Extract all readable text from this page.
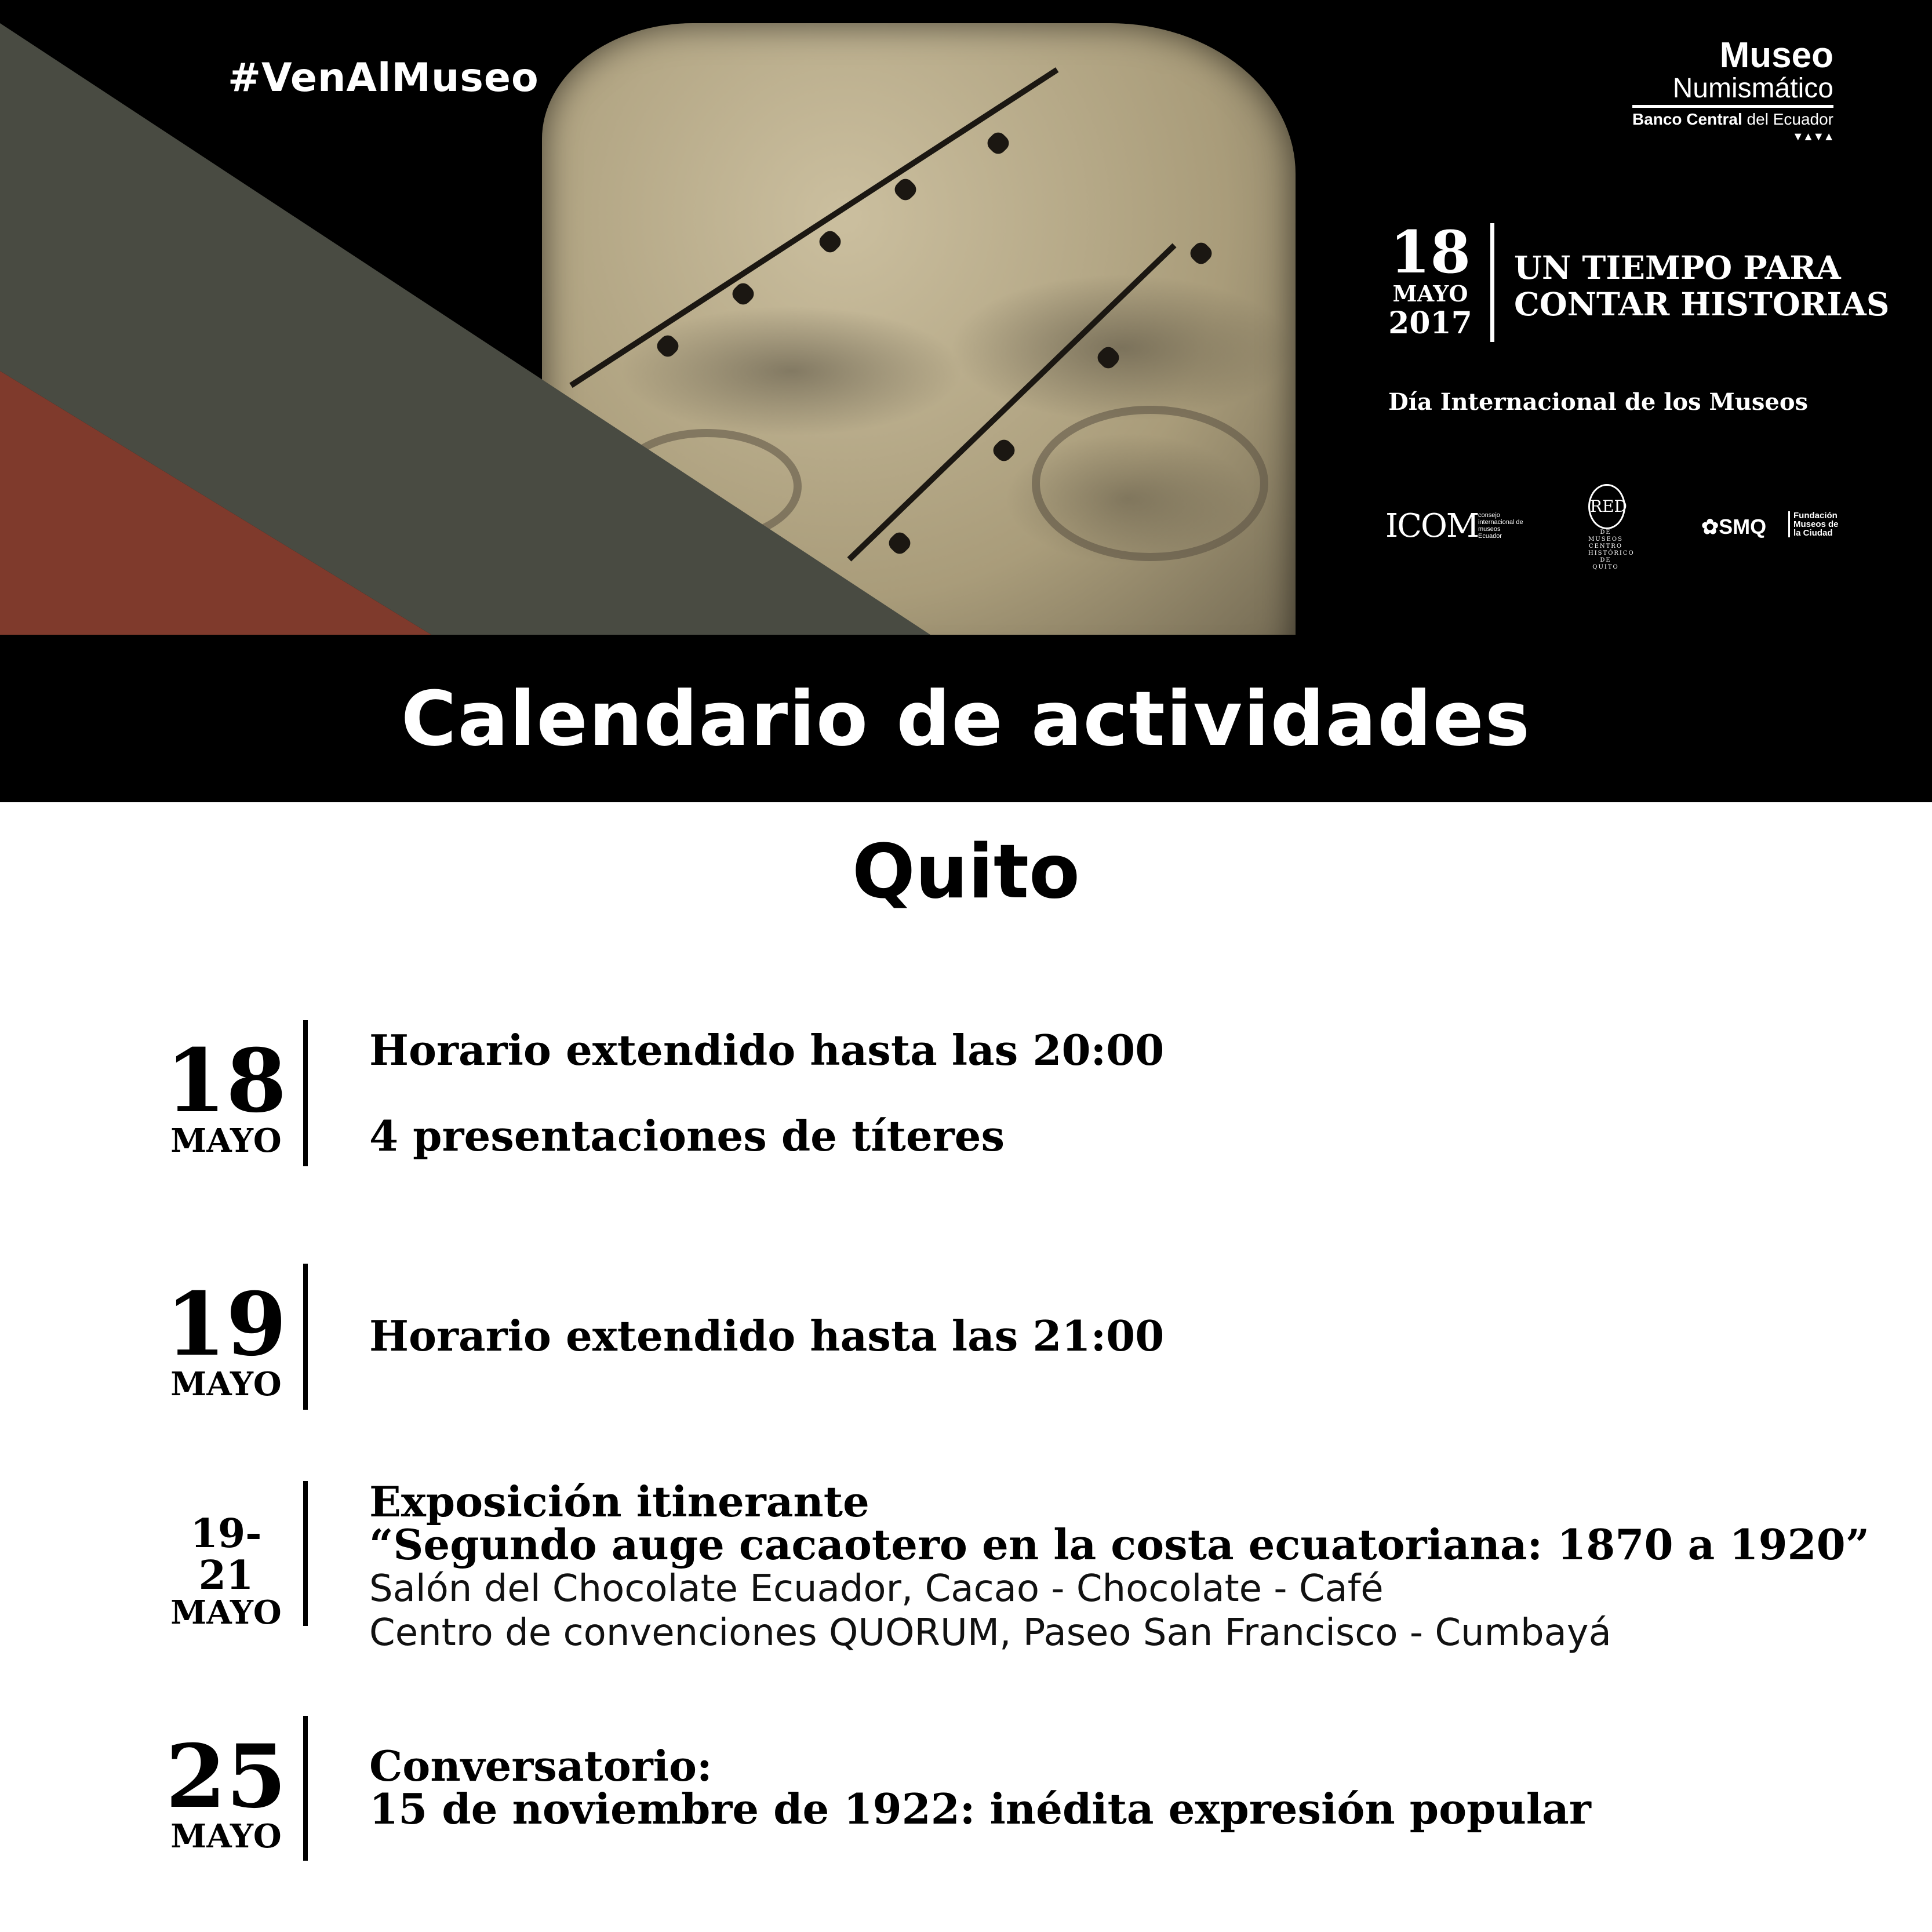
#VenAlMuseo	Museo
Numismático
Banco Central del Ecuador
▼▲▼▲
18
MAYO
2017
UN TIEMPO PARA
CONTAR HISTORIAS
Día Internacional de los Museos
ICOM consejo internacional de museos Ecuador
RED
DE MUSEOS CENTRO HISTÓRICO DE QUITO
✿SMQ	Fundación Museos de la Ciudad
Calendario de actividades
Quito
18
MAYO
Horario extendido hasta las 20:00
4 presentaciones de títeres
19
MAYO
Horario extendido hasta las 21:00
19-21
MAYO
Exposición itinerante
“Segundo auge cacaotero en la costa ecuatoriana: 1870 a 1920”
Salón del Chocolate Ecuador, Cacao - Chocolate - Café
Centro de convenciones QUORUM, Paseo San Francisco - Cumbayá
25
MAYO
Conversatorio:
15 de noviembre de 1922: inédita expresión popular
